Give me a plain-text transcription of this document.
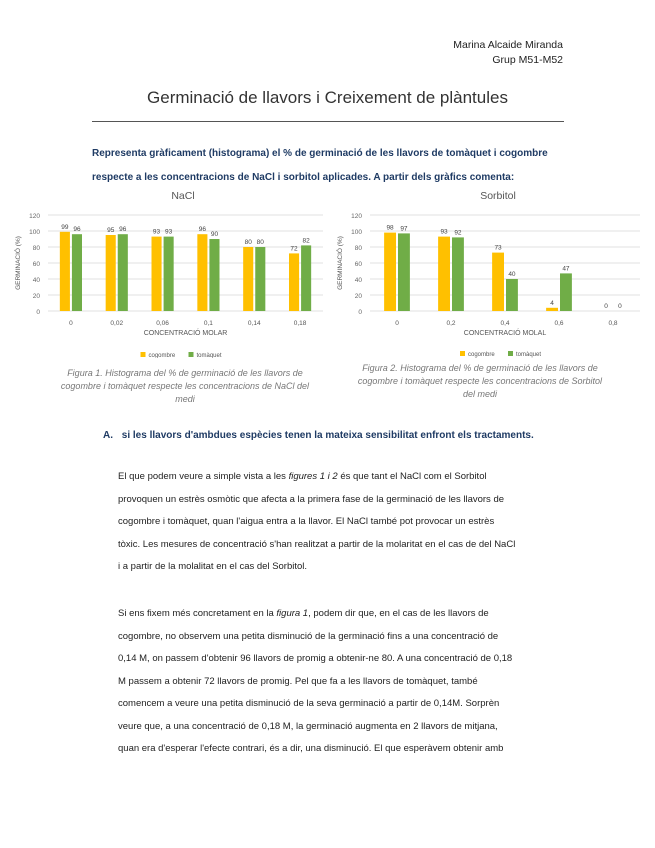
Marina Alcaide Miranda
Grup M51-M52
Germinació de llavors i Creixement de plàntules
Representa gràficament (histograma) el % de germinació de les llavors de tomàquet i cogombre
respecte a les concentracions de NaCl i sorbitol aplicades. A partir dels gràfics comenta:
NaCl
0
20
40
60
80
100
120
GERMINACIÓ (%)
99 96
0
95 96
0,02
93 93
0,06
96
90
0,1
80 80
0,14
72
82
0,18
CONCENTRACIÓ MOLAR
cogombre	tomàquet
Sorbitol
0
20
40
60
80
100
120
GERMINACIÓ (%)
98 97
0
93 92
0,2
73
40
0,4
4
47
0,6
0 0
0,8
CONCENTRACIÓ MOLAL
cogombre	tomàquet
Figura 1. Histograma del % de germinació de les llavors de
cogombre i tomàquet respecte les concentracions de NaCl del
medi
Figura 2. Histograma del % de germinació de les llavors de
cogombre i tomàquet respecte les concentracions de Sorbitol
del medi
A. si les llavors d'ambdues espècies tenen la mateixa sensibilitat enfront els tractaments.
El que podem veure a simple vista a les figures 1 i 2 és que tant el NaCl com el Sorbitol
provoquen un estrès osmòtic que afecta a la primera fase de la germinació de les llavors de
cogombre i tomàquet, quan l'aigua entra a la llavor. El NaCl també pot provocar un estrès
tòxic. Les mesures de concentració s'han realitzat a partir de la molaritat en el cas de del NaCl
i a partir de la molalitat en el cas del Sorbitol.
Si ens fixem més concretament en la figura 1, podem dir que, en el cas de les llavors de
cogombre, no observem una petita disminució de la germinació fins a una concentració de
0,14 M, on passem d'obtenir 96 llavors de promig a obtenir-ne 80. A una concentració de 0,18
M passem a obtenir 72 llavors de promig. Pel que fa a les llavors de tomàquet, també
comencem a veure una petita disminució de la seva germinació a partir de 0,14M. Sorprèn
veure que, a una concentració de 0,18 M, la germinació augmenta en 2 llavors de mitjana,
quan era d'esperar l'efecte contrari, és a dir, una disminució. El que esperàvem obtenir amb
